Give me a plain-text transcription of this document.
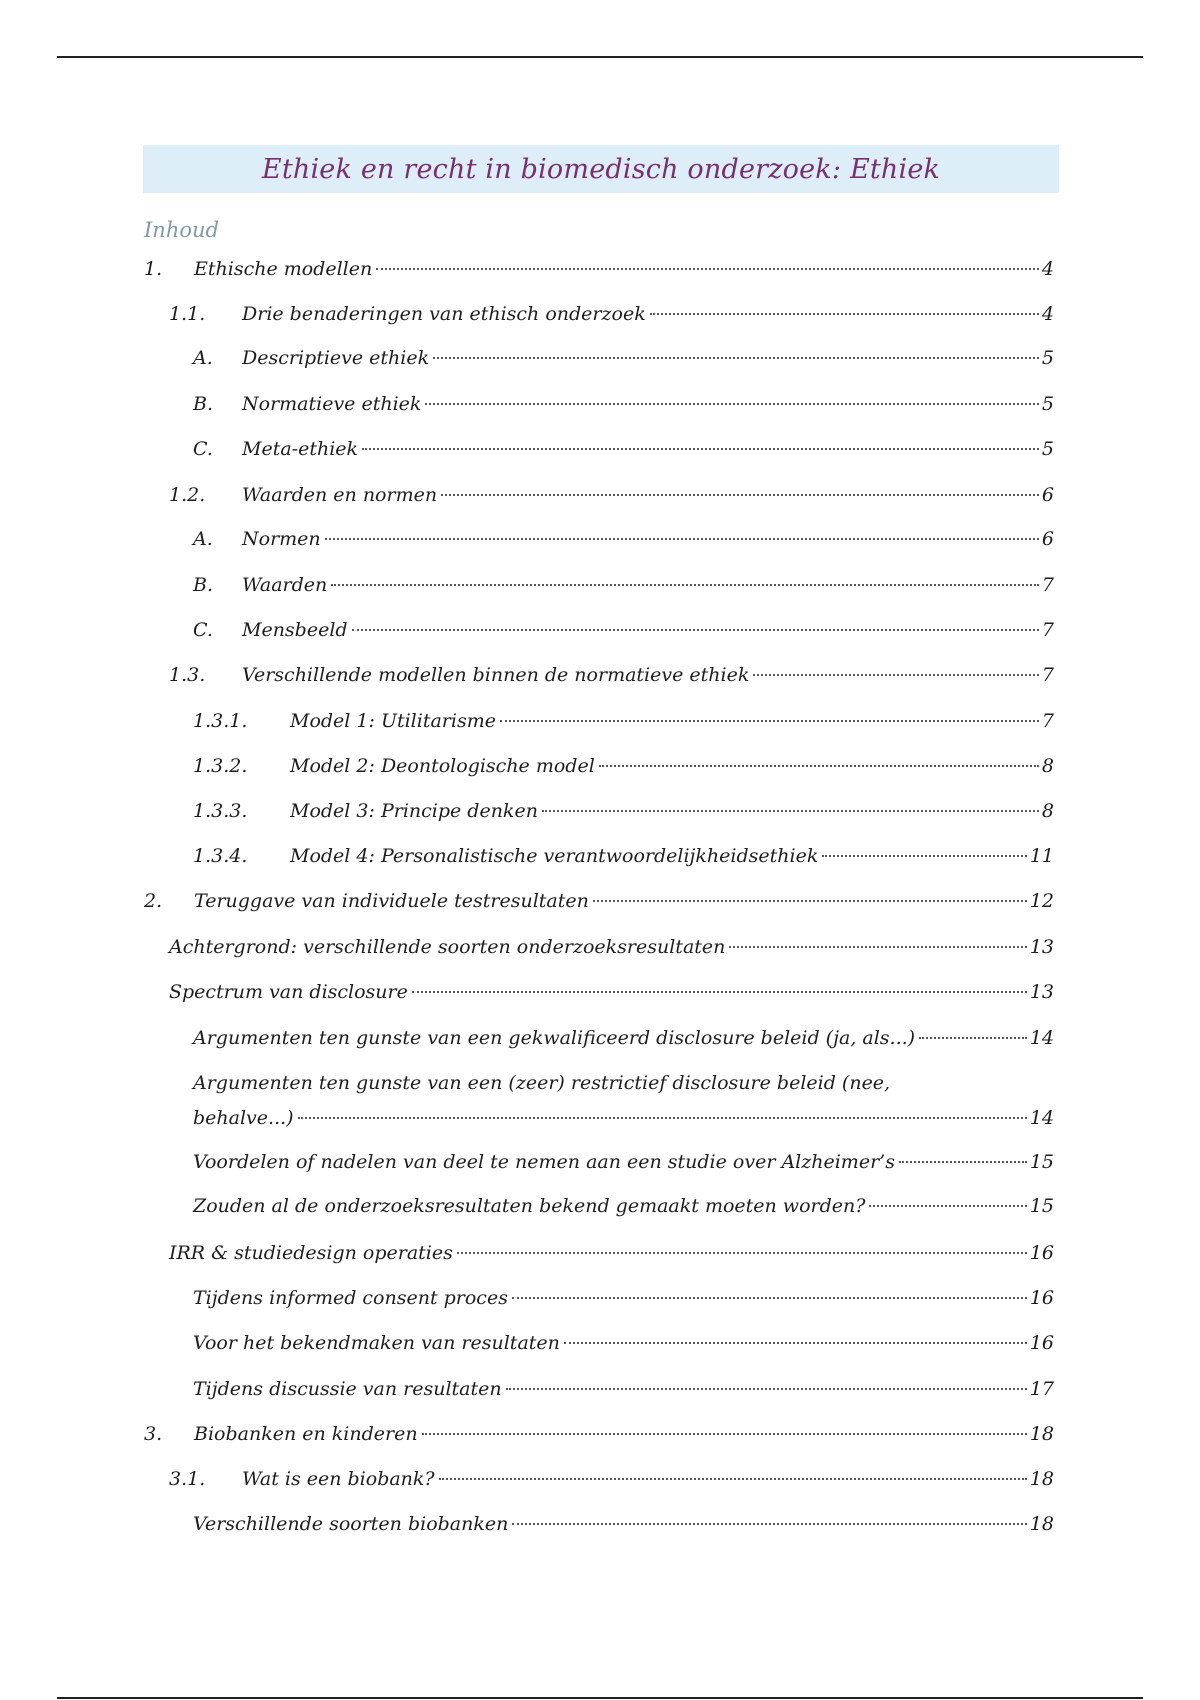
Ethiek en recht in biomedisch onderzoek: Ethiek
Inhoud
1.	Ethische modellen	4
1.1.	Drie benaderingen van ethisch onderzoek	4
A.	Descriptieve ethiek	5
B.	Normatieve ethiek	5
C.	Meta-ethiek	5
1.2.	Waarden en normen	6
A.	Normen	6
B.	Waarden	7
C.	Mensbeeld	7
1.3.	Verschillende modellen binnen de normatieve ethiek	7
1.3.1.	Model 1: Utilitarisme	7
1.3.2.	Model 2: Deontologische model	8
1.3.3.	Model 3: Principe denken	8
1.3.4.	Model 4: Personalistische verantwoordelijkheidsethiek	11
2.	Teruggave van individuele testresultaten	12
Achtergrond: verschillende soorten onderzoeksresultaten	13
Spectrum van disclosure	13
Argumenten ten gunste van een gekwalificeerd disclosure beleid (ja, als...)	14
Argumenten ten gunste van een (zeer) restrictief disclosure beleid (nee,
behalve...)	14
Voordelen of nadelen van deel te nemen aan een studie over Alzheimer’s	15
Zouden al de onderzoeksresultaten bekend gemaakt moeten worden?	15
IRR & studiedesign operaties	16
Tijdens informed consent proces	16
Voor het bekendmaken van resultaten	16
Tijdens discussie van resultaten	17
3.	Biobanken en kinderen	18
3.1.	Wat is een biobank?	18
Verschillende soorten biobanken	18
